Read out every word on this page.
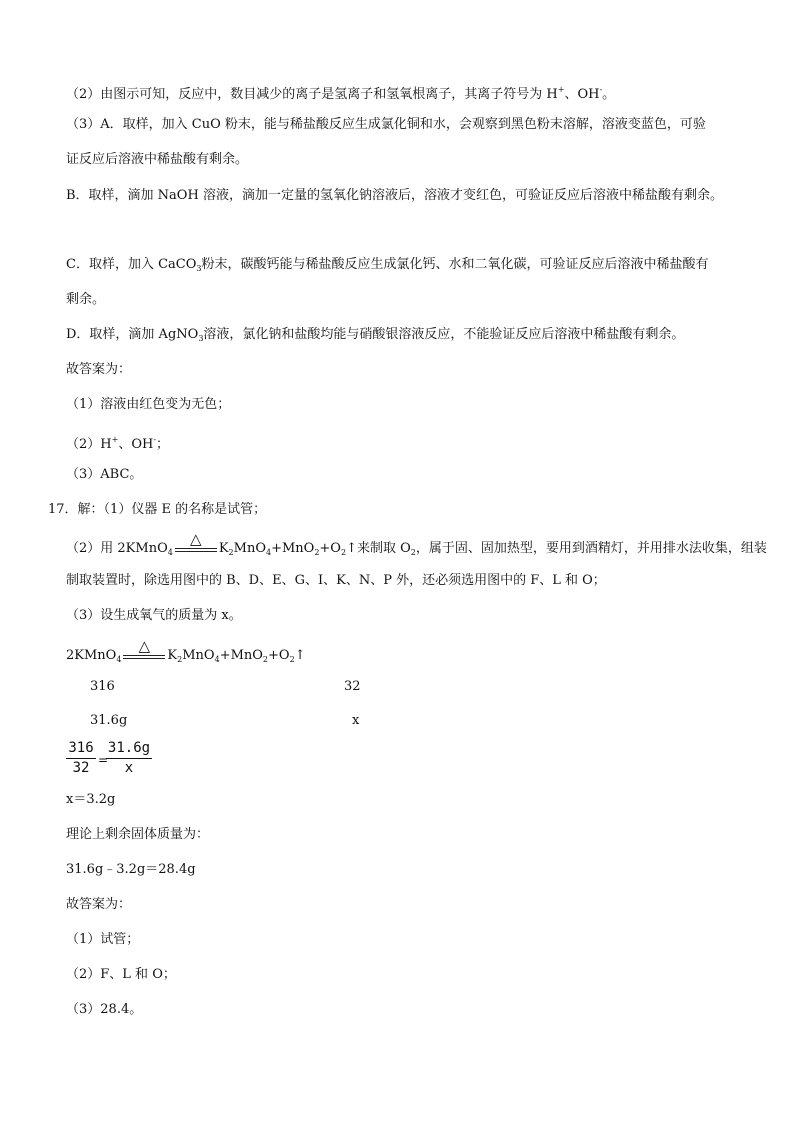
（2）由图示可知，反应中，数目减少的离子是氢离子和氢氧根离子，其离子符号为 H+、OH-。
（3）A．取样，加入 CuO 粉末，能与稀盐酸反应生成氯化铜和水，会观察到黑色粉末溶解，溶液变蓝色，可验
证反应后溶液中稀盐酸有剩余。
B．取样，滴加 NaOH 溶液，滴加一定量的氢氧化钠溶液后，溶液才变红色，可验证反应后溶液中稀盐酸有剩余。
C．取样，加入 CaCO$_3$粉末，碳酸钙能与稀盐酸反应生成氯化钙、水和二氧化碳，可验证反应后溶液中稀盐酸有
剩余。
D．取样，滴加 AgNO$_3$溶液，氯化钠和盐酸均能与硝酸银溶液反应，不能验证反应后溶液中稀盐酸有剩余。
故答案为：
（1）溶液由红色变为无色；
（2）H+、OH-；
（3）ABC。
17．解：（1）仪器 E 的名称是试管；
（2）用 2KMnO$_4$
△
$K_2MnO_4+MnO_2+O_2↑$来制取 $O_2$，属于固、固加热型，要用到酒精灯，并用排水法收集，组装
制取装置时，除选用图中的 B、D、E、G、I、K、N、P 外，还必须选用图中的 F、L 和 O；
（3）设生成氧气的质量为 x。
2KMnO$_4$
△
$K_2MnO_4+MnO_2+O_2↑$
316	32
31.6g	x
316
32 =
31.6g
x
x＝3.2g
理论上剩余固体质量为：
31.6g﹣3.2g＝28.4g
故答案为：
（1）试管；
（2）F、L 和 O；
（3）28.4。
